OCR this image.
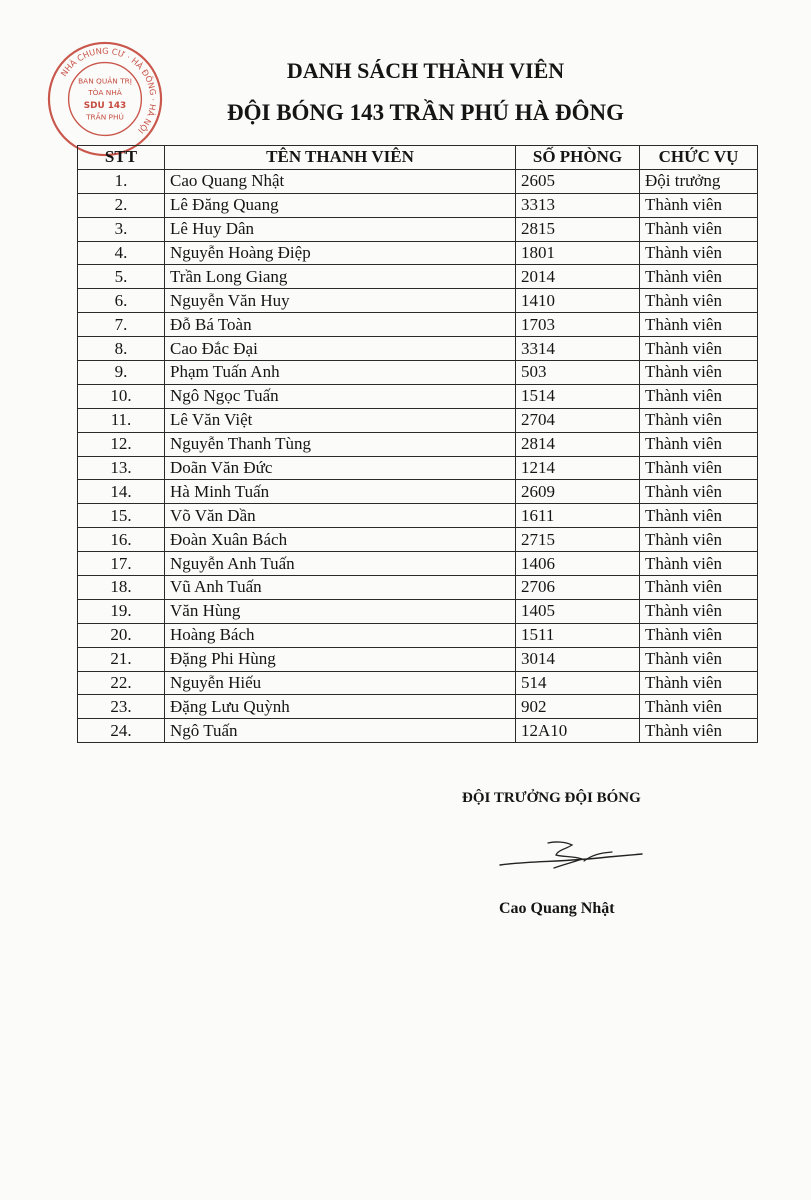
NHÀ CHUNG CƯ · HÀ ĐÔNG · HÀ NỘI
BAN QUẢN TRỊ
TÒA NHÀ
SDU 143
TRẦN PHÚ
DANH SÁCH THÀNH VIÊN
ĐỘI BÓNG 143 TRẦN PHÚ HÀ ĐÔNG
STT	TÊN THANH VIÊN	SỐ PHÒNG	CHỨC VỤ
1.	Cao Quang Nhật	2605	Đội trưởng
2.	Lê Đăng Quang	3313	Thành viên
3.	Lê Huy Dân	2815	Thành viên
4.	Nguyễn Hoàng Điệp	1801	Thành viên
5.	Trần Long Giang	2014	Thành viên
6.	Nguyễn Văn Huy	1410	Thành viên
7.	Đỗ Bá Toàn	1703	Thành viên
8.	Cao Đắc Đại	3314	Thành viên
9.	Phạm Tuấn Anh	503	Thành viên
10.	Ngô Ngọc Tuấn	1514	Thành viên
11.	Lê Văn Việt	2704	Thành viên
12.	Nguyễn Thanh Tùng	2814	Thành viên
13.	Doãn Văn Đức	1214	Thành viên
14.	Hà Minh Tuấn	2609	Thành viên
15.	Võ Văn Dần	1611	Thành viên
16.	Đoàn Xuân Bách	2715	Thành viên
17.	Nguyễn Anh Tuấn	1406	Thành viên
18.	Vũ Anh Tuấn	2706	Thành viên
19.	Văn Hùng	1405	Thành viên
20.	Hoàng Bách	1511	Thành viên
21.	Đặng Phi Hùng	3014	Thành viên
22.	Nguyễn Hiếu	514	Thành viên
23.	Đặng Lưu Quỳnh	902	Thành viên
24.	Ngô Tuấn	12A10	Thành viên

ĐỘI TRƯỞNG ĐỘI BÓNG

Cao Quang Nhật
